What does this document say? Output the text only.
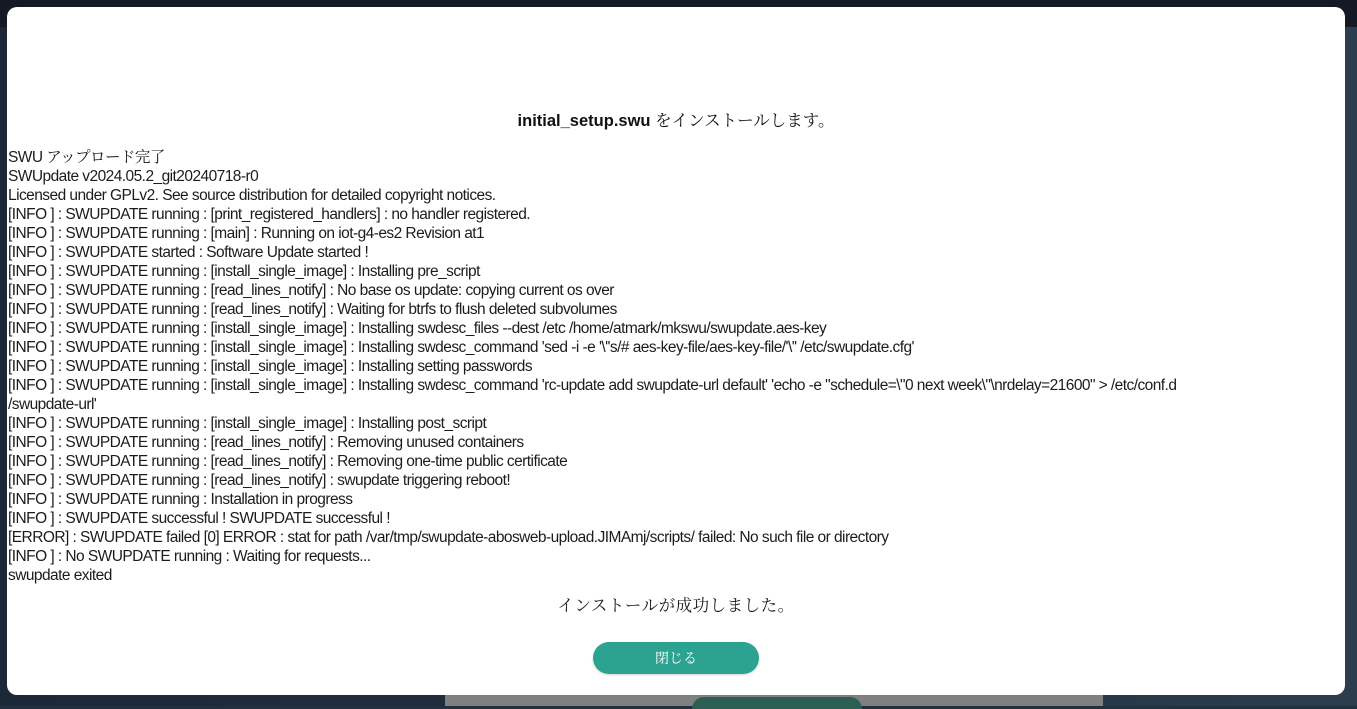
initial_setup.swu をインストールします。
SWU アップロード完了
SWUpdate v2024.05.2_git20240718-r0
Licensed under GPLv2. See source distribution for detailed copyright notices.
[INFO ] : SWUPDATE running : [print_registered_handlers] : no handler registered.
[INFO ] : SWUPDATE running : [main] : Running on iot-g4-es2 Revision at1
[INFO ] : SWUPDATE started : Software Update started !
[INFO ] : SWUPDATE running : [install_single_image] : Installing pre_script
[INFO ] : SWUPDATE running : [read_lines_notify] : No base os update: copying current os over
[INFO ] : SWUPDATE running : [read_lines_notify] : Waiting for btrfs to flush deleted subvolumes
[INFO ] : SWUPDATE running : [install_single_image] : Installing swdesc_files --dest /etc /home/atmark/mkswu/swupdate.aes-key
[INFO ] : SWUPDATE running : [install_single_image] : Installing swdesc_command 'sed -i -e '\''s/# aes-key-file/aes-key-file/'\'' /etc/swupdate.cfg'
[INFO ] : SWUPDATE running : [install_single_image] : Installing setting passwords
[INFO ] : SWUPDATE running : [install_single_image] : Installing swdesc_command 'rc-update add swupdate-url default' 'echo -e "schedule=\"0 next week\"\nrdelay=21600" > /etc/conf.d
/swupdate-url'
[INFO ] : SWUPDATE running : [install_single_image] : Installing post_script
[INFO ] : SWUPDATE running : [read_lines_notify] : Removing unused containers
[INFO ] : SWUPDATE running : [read_lines_notify] : Removing one-time public certificate
[INFO ] : SWUPDATE running : [read_lines_notify] : swupdate triggering reboot!
[INFO ] : SWUPDATE running : Installation in progress
[INFO ] : SWUPDATE successful ! SWUPDATE successful !
[ERROR] : SWUPDATE failed [0] ERROR : stat for path /var/tmp/swupdate-abosweb-upload.JIMAmj/scripts/ failed: No such file or directory
[INFO ] : No SWUPDATE running : Waiting for requests...
swupdate exited
インストールが成功しました。
閉じる
